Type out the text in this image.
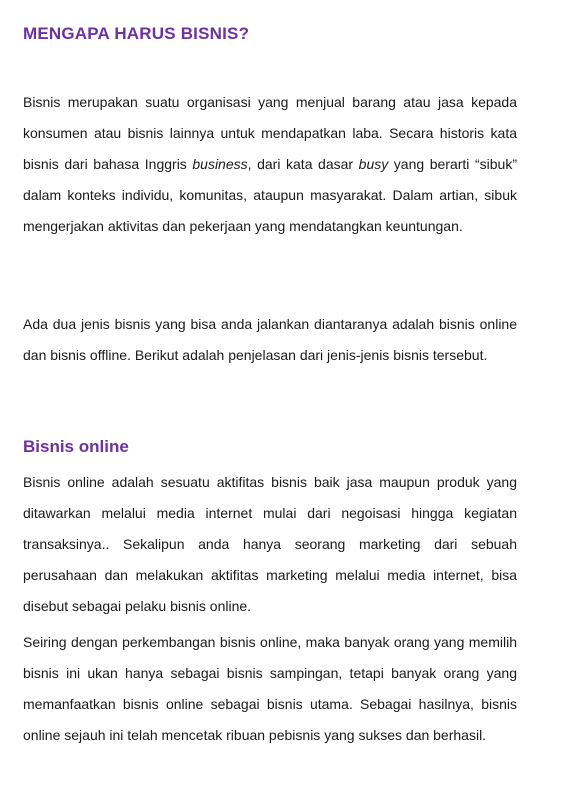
MENGAPA HARUS BISNIS?

Bisnis merupakan suatu organisasi yang menjual barang atau jasa kepada konsumen atau bisnis lainnya untuk mendapatkan laba. Secara historis kata bisnis dari bahasa Inggris business, dari kata dasar busy yang berarti “sibuk” dalam konteks individu, komunitas, ataupun masyarakat. Dalam artian, sibuk mengerjakan aktivitas dan pekerjaan yang mendatangkan keuntungan.

Ada dua jenis bisnis yang bisa anda jalankan diantaranya adalah bisnis online dan bisnis offline. Berikut adalah penjelasan dari jenis-jenis bisnis tersebut.

Bisnis online

Bisnis online adalah sesuatu aktifitas bisnis baik jasa maupun produk yang ditawarkan melalui media internet mulai dari negoisasi hingga kegiatan transaksinya.. Sekalipun anda hanya seorang marketing dari sebuah perusahaan dan melakukan aktifitas marketing melalui media internet, bisa disebut sebagai pelaku bisnis online.

Seiring dengan perkembangan bisnis online, maka banyak orang yang memilih bisnis ini ukan hanya sebagai bisnis sampingan, tetapi banyak orang yang memanfaatkan bisnis online sebagai bisnis utama. Sebagai hasilnya, bisnis online sejauh ini telah mencetak ribuan pebisnis yang sukses dan berhasil.
